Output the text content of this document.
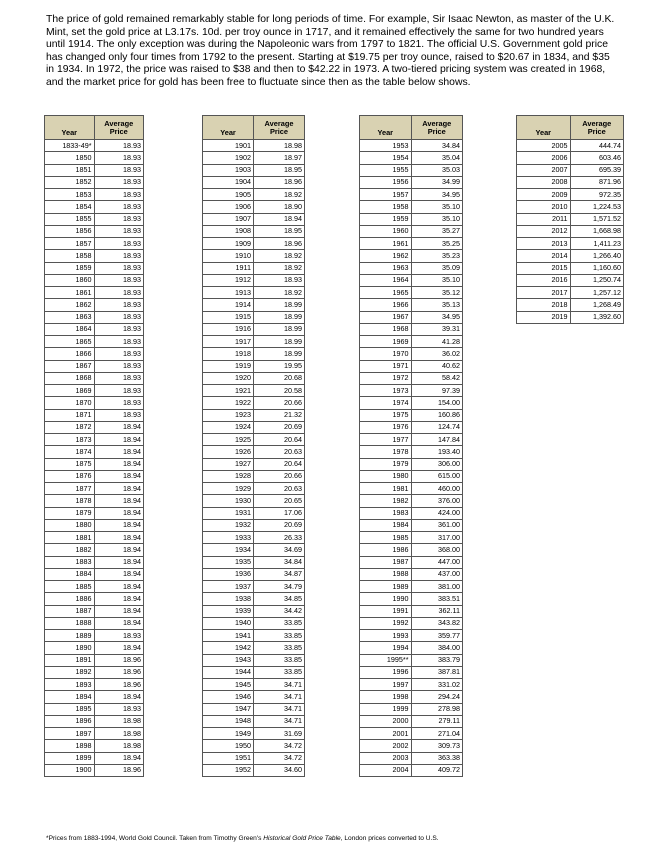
The price of gold remained remarkably stable for long periods of time. For example, Sir Isaac Newton, as master of the U.K. Mint, set the gold price at L3.17s. 10d. per troy ounce in 1717, and it remained effectively the same for two hundred years until 1914. The only exception was during the Napoleonic wars from 1797 to 1821. The official U.S. Government gold price has changed only four times from 1792 to the present. Starting at $19.75 per troy ounce, raised to $20.67 in 1834, and $35 in 1934. In 1972, the price was raised to $38 and then to $42.22 in 1973. A two-tiered pricing system was created in 1968, and the market price for gold has been free to fluctuate since then as the table below shows.
Year	Average
Price
1833-49*	18.93
1850	18.93
1851	18.93
1852	18.93
1853	18.93
1854	18.93
1855	18.93
1856	18.93
1857	18.93
1858	18.93
1859	18.93
1860	18.93
1861	18.93
1862	18.93
1863	18.93
1864	18.93
1865	18.93
1866	18.93
1867	18.93
1868	18.93
1869	18.93
1870	18.93
1871	18.93
1872	18.94
1873	18.94
1874	18.94
1875	18.94
1876	18.94
1877	18.94
1878	18.94
1879	18.94
1880	18.94
1881	18.94
1882	18.94
1883	18.94
1884	18.94
1885	18.94
1886	18.94
1887	18.94
1888	18.94
1889	18.93
1890	18.94
1891	18.96
1892	18.96
1893	18.96
1894	18.94
1895	18.93
1896	18.98
1897	18.98
1898	18.98
1899	18.94
1900	18.96
Year	Average
Price
1901	18.98
1902	18.97
1903	18.95
1904	18.96
1905	18.92
1906	18.90
1907	18.94
1908	18.95
1909	18.96
1910	18.92
1911	18.92
1912	18.93
1913	18.92
1914	18.99
1915	18.99
1916	18.99
1917	18.99
1918	18.99
1919	19.95
1920	20.68
1921	20.58
1922	20.66
1923	21.32
1924	20.69
1925	20.64
1926	20.63
1927	20.64
1928	20.66
1929	20.63
1930	20.65
1931	17.06
1932	20.69
1933	26.33
1934	34.69
1935	34.84
1936	34.87
1937	34.79
1938	34.85
1939	34.42
1940	33.85
1941	33.85
1942	33.85
1943	33.85
1944	33.85
1945	34.71
1946	34.71
1947	34.71
1948	34.71
1949	31.69
1950	34.72
1951	34.72
1952	34.60
Year	Average
Price
1953	34.84
1954	35.04
1955	35.03
1956	34.99
1957	34.95
1958	35.10
1959	35.10
1960	35.27
1961	35.25
1962	35.23
1963	35.09
1964	35.10
1965	35.12
1966	35.13
1967	34.95
1968	39.31
1969	41.28
1970	36.02
1971	40.62
1972	58.42
1973	97.39
1974	154.00
1975	160.86
1976	124.74
1977	147.84
1978	193.40
1979	306.00
1980	615.00
1981	460.00
1982	376.00
1983	424.00
1984	361.00
1985	317.00
1986	368.00
1987	447.00
1988	437.00
1989	381.00
1990	383.51
1991	362.11
1992	343.82
1993	359.77
1994	384.00
1995**	383.79
1996	387.81
1997	331.02
1998	294.24
1999	278.98
2000	279.11
2001	271.04
2002	309.73
2003	363.38
2004	409.72
Year	Average
Price
2005	444.74
2006	603.46
2007	695.39
2008	871.96
2009	972.35
2010	1,224.53
2011	1,571.52
2012	1,668.98
2013	1,411.23
2014	1,266.40
2015	1,160.60
2016	1,250.74
2017	1,257.12
2018	1,268.49
2019	1,392.60
*Prices from 1883-1994, World Gold Council. Taken from Timothy Green's Historical Gold Price Table, London prices converted to U.S.
